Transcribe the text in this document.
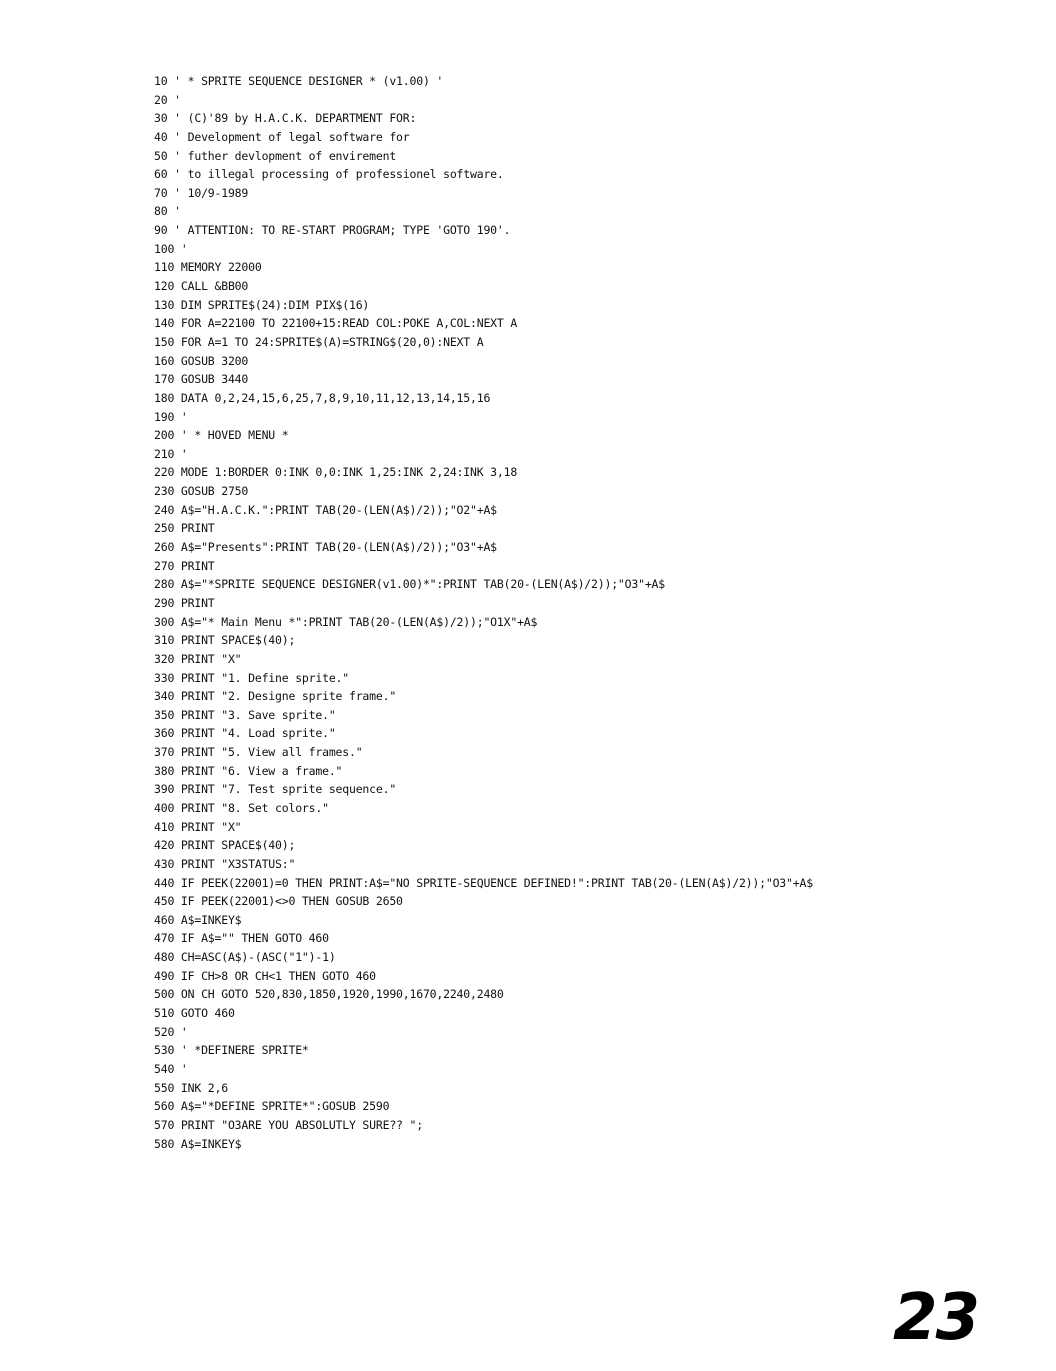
10 ' * SPRITE SEQUENCE DESIGNER * (v1.00) '
20 '
30 ' (C)'89 by H.A.C.K. DEPARTMENT FOR:
40 ' Development of legal software for
50 ' futher devlopment of envirement
60 ' to illegal processing of professionel software.
70 ' 10/9-1989
80 '
90 ' ATTENTION: TO RE-START PROGRAM; TYPE 'GOTO 190'.
100 '
110 MEMORY 22000
120 CALL &BB00
130 DIM SPRITE$(24):DIM PIX$(16)
140 FOR A=22100 TO 22100+15:READ COL:POKE A,COL:NEXT A
150 FOR A=1 TO 24:SPRITE$(A)=STRING$(20,0):NEXT A
160 GOSUB 3200
170 GOSUB 3440
180 DATA 0,2,24,15,6,25,7,8,9,10,11,12,13,14,15,16
190 '
200 ' * HOVED MENU *
210 '
220 MODE 1:BORDER 0:INK 0,0:INK 1,25:INK 2,24:INK 3,18
230 GOSUB 2750
240 A$="H.A.C.K.":PRINT TAB(20-(LEN(A$)/2));"O2"+A$
250 PRINT
260 A$="Presents":PRINT TAB(20-(LEN(A$)/2));"O3"+A$
270 PRINT
280 A$="*SPRITE SEQUENCE DESIGNER(v1.00)*":PRINT TAB(20-(LEN(A$)/2));"O3"+A$
290 PRINT
300 A$="* Main Menu *":PRINT TAB(20-(LEN(A$)/2));"O1X"+A$
310 PRINT SPACE$(40);
320 PRINT "X"
330 PRINT "1. Define sprite."
340 PRINT "2. Designe sprite frame."
350 PRINT "3. Save sprite."
360 PRINT "4. Load sprite."
370 PRINT "5. View all frames."
380 PRINT "6. View a frame."
390 PRINT "7. Test sprite sequence."
400 PRINT "8. Set colors."
410 PRINT "X"
420 PRINT SPACE$(40);
430 PRINT "X3STATUS:"
440 IF PEEK(22001)=0 THEN PRINT:A$="NO SPRITE-SEQUENCE DEFINED!":PRINT TAB(20-(LEN(A$)/2));"O3"+A$
450 IF PEEK(22001)<>0 THEN GOSUB 2650
460 A$=INKEY$
470 IF A$="" THEN GOTO 460
480 CH=ASC(A$)-(ASC("1")-1)
490 IF CH>8 OR CH<1 THEN GOTO 460
500 ON CH GOTO 520,830,1850,1920,1990,1670,2240,2480
510 GOTO 460
520 '
530 ' *DEFINERE SPRITE*
540 '
550 INK 2,6
560 A$="*DEFINE SPRITE*":GOSUB 2590
570 PRINT "O3ARE YOU ABSOLUTLY SURE?? ";
580 A$=INKEY$
23
